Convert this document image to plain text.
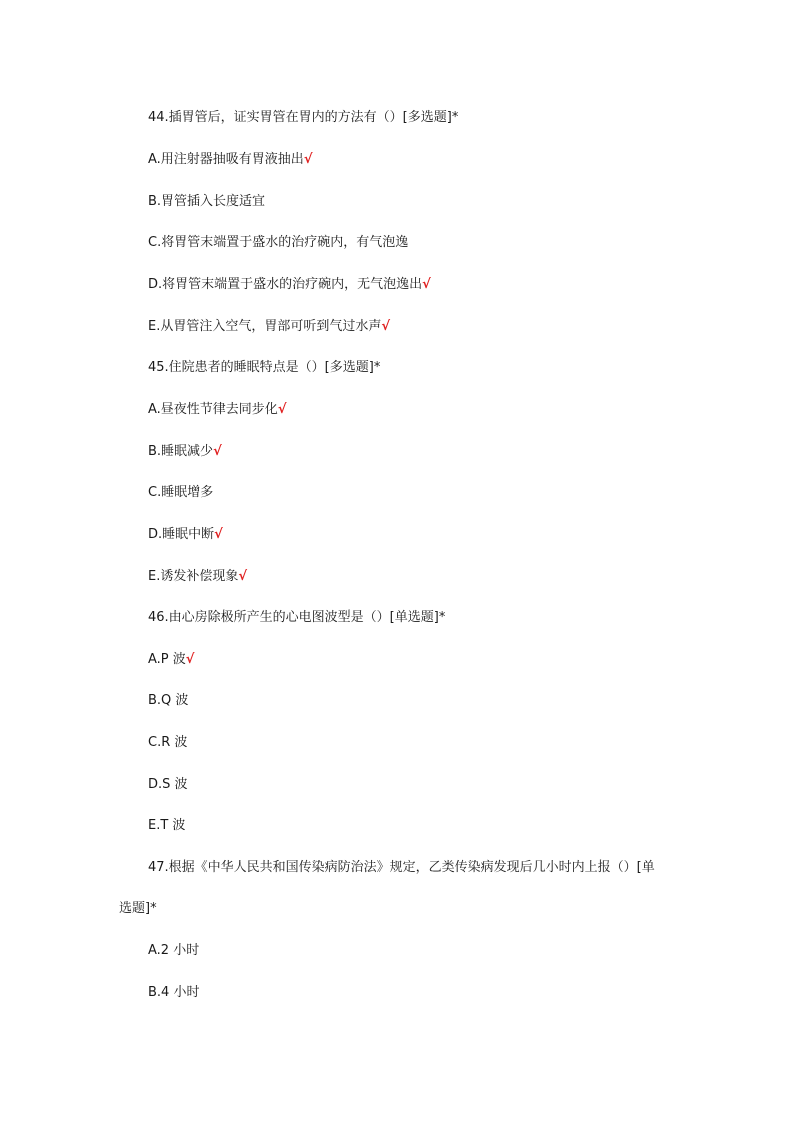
44.插胃管后，证实胃管在胃内的方法有（）[多选题]*
A.用注射器抽吸有胃液抽出√
B.胃管插入长度适宜
C.将胃管末端置于盛水的治疗碗内，有气泡逸
D.将胃管末端置于盛水的治疗碗内，无气泡逸出√
E.从胃管注入空气，胃部可听到气过水声√
45.住院患者的睡眠特点是（）[多选题]*
A.昼夜性节律去同步化√
B.睡眠减少√
C.睡眠增多
D.睡眠中断√
E.诱发补偿现象√
46.由心房除极所产生的心电图波型是（）[单选题]*
A.P 波√
B.Q 波
C.R 波
D.S 波
E.T 波
47.根据《中华人民共和国传染病防治法》规定，乙类传染病发现后几小时内上报（）[单
选题]*
A.2 小时
B.4 小时
